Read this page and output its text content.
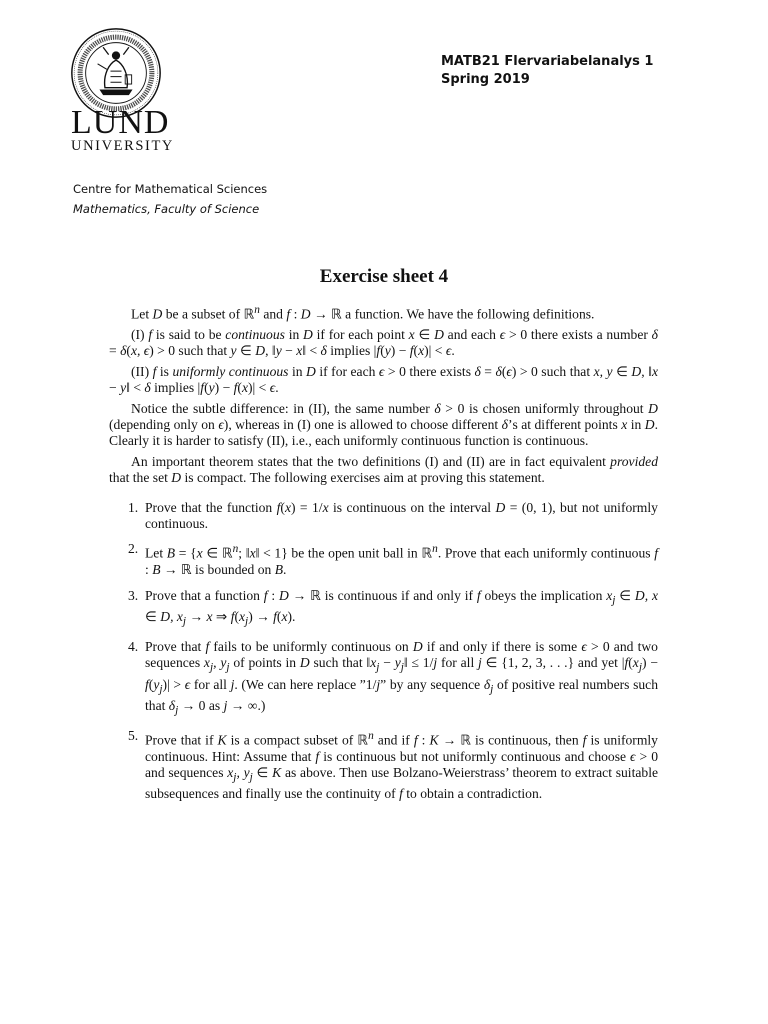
LUND
UNIVERSITY
MATB21 Flervariabelanalys 1
Spring 2019
Centre for Mathematical Sciences
Mathematics, Faculty of Science
Exercise sheet 4

Let D be a subset of ℝ$^n$ and f : D → ℝ a function. We have the following definitions.

(I) f is said to be continuous in D if for each point x ∈ D and each ϵ > 0 there exists a number δ = δ(x, ϵ) > 0 such that y ∈ D, ‖y − x‖ < δ implies |f(y) − f(x)| < ϵ.

(II) f is uniformly continuous in D if for each ϵ > 0 there exists δ = δ(ϵ) > 0 such that x, y ∈ D, ‖x − y‖ < δ implies |f(y) − f(x)| < ϵ.

Notice the subtle difference: in (II), the same number δ > 0 is chosen uniformly throughout D (depending only on ϵ), whereas in (I) one is allowed to choose different δ’s at different points x in D. Clearly it is harder to satisfy (II), i.e., each uniformly continuous function is continuous.

An important theorem states that the two definitions (I) and (II) are in fact equivalent provided that the set D is compact. The following exercises aim at proving this statement.

1. Prove that the function f(x) = 1/x is continuous on the interval D = (0, 1), but not uniformly continuous.
2. Let B = {x ∈ ℝ$^n$; ‖x‖ < 1} be the open unit ball in ℝ$^n$. Prove that each uniformly continuous f : B → ℝ is bounded on B.
3. Prove that a function f : D → ℝ is continuous if and only if f obeys the implication $x_j$ ∈ D, x ∈ D, $x_j \to x$ ⇒ $f(x_j) \to f(x)$.
4. Prove that f fails to be uniformly continuous on D if and only if there is some ϵ > 0 and two sequences $x_j$, $y_j$ of points in D such that $‖x_j$ − $y_j‖ \le 1/j$ for all j ∈ {1, 2, 3, . . .} and yet $|f(x_j) - f(y_j)| > \epsilon$ for all j. (We can here replace ”1/j” by any sequence $\delta_j$ of positive real numbers such that $\delta_j \to 0$ as j → ∞.)
5. Prove that if K is a compact subset of ℝ$^n$ and if f : K → ℝ is continuous, then f is uniformly continuous. Hint: Assume that f is continuous but not uniformly continuous and choose ϵ > 0 and sequences $x_j$, $y_j$ ∈ K as above. Then use Bolzano-Weierstrass’ theorem to extract suitable subsequences and finally use the continuity of f to obtain a contradiction.
